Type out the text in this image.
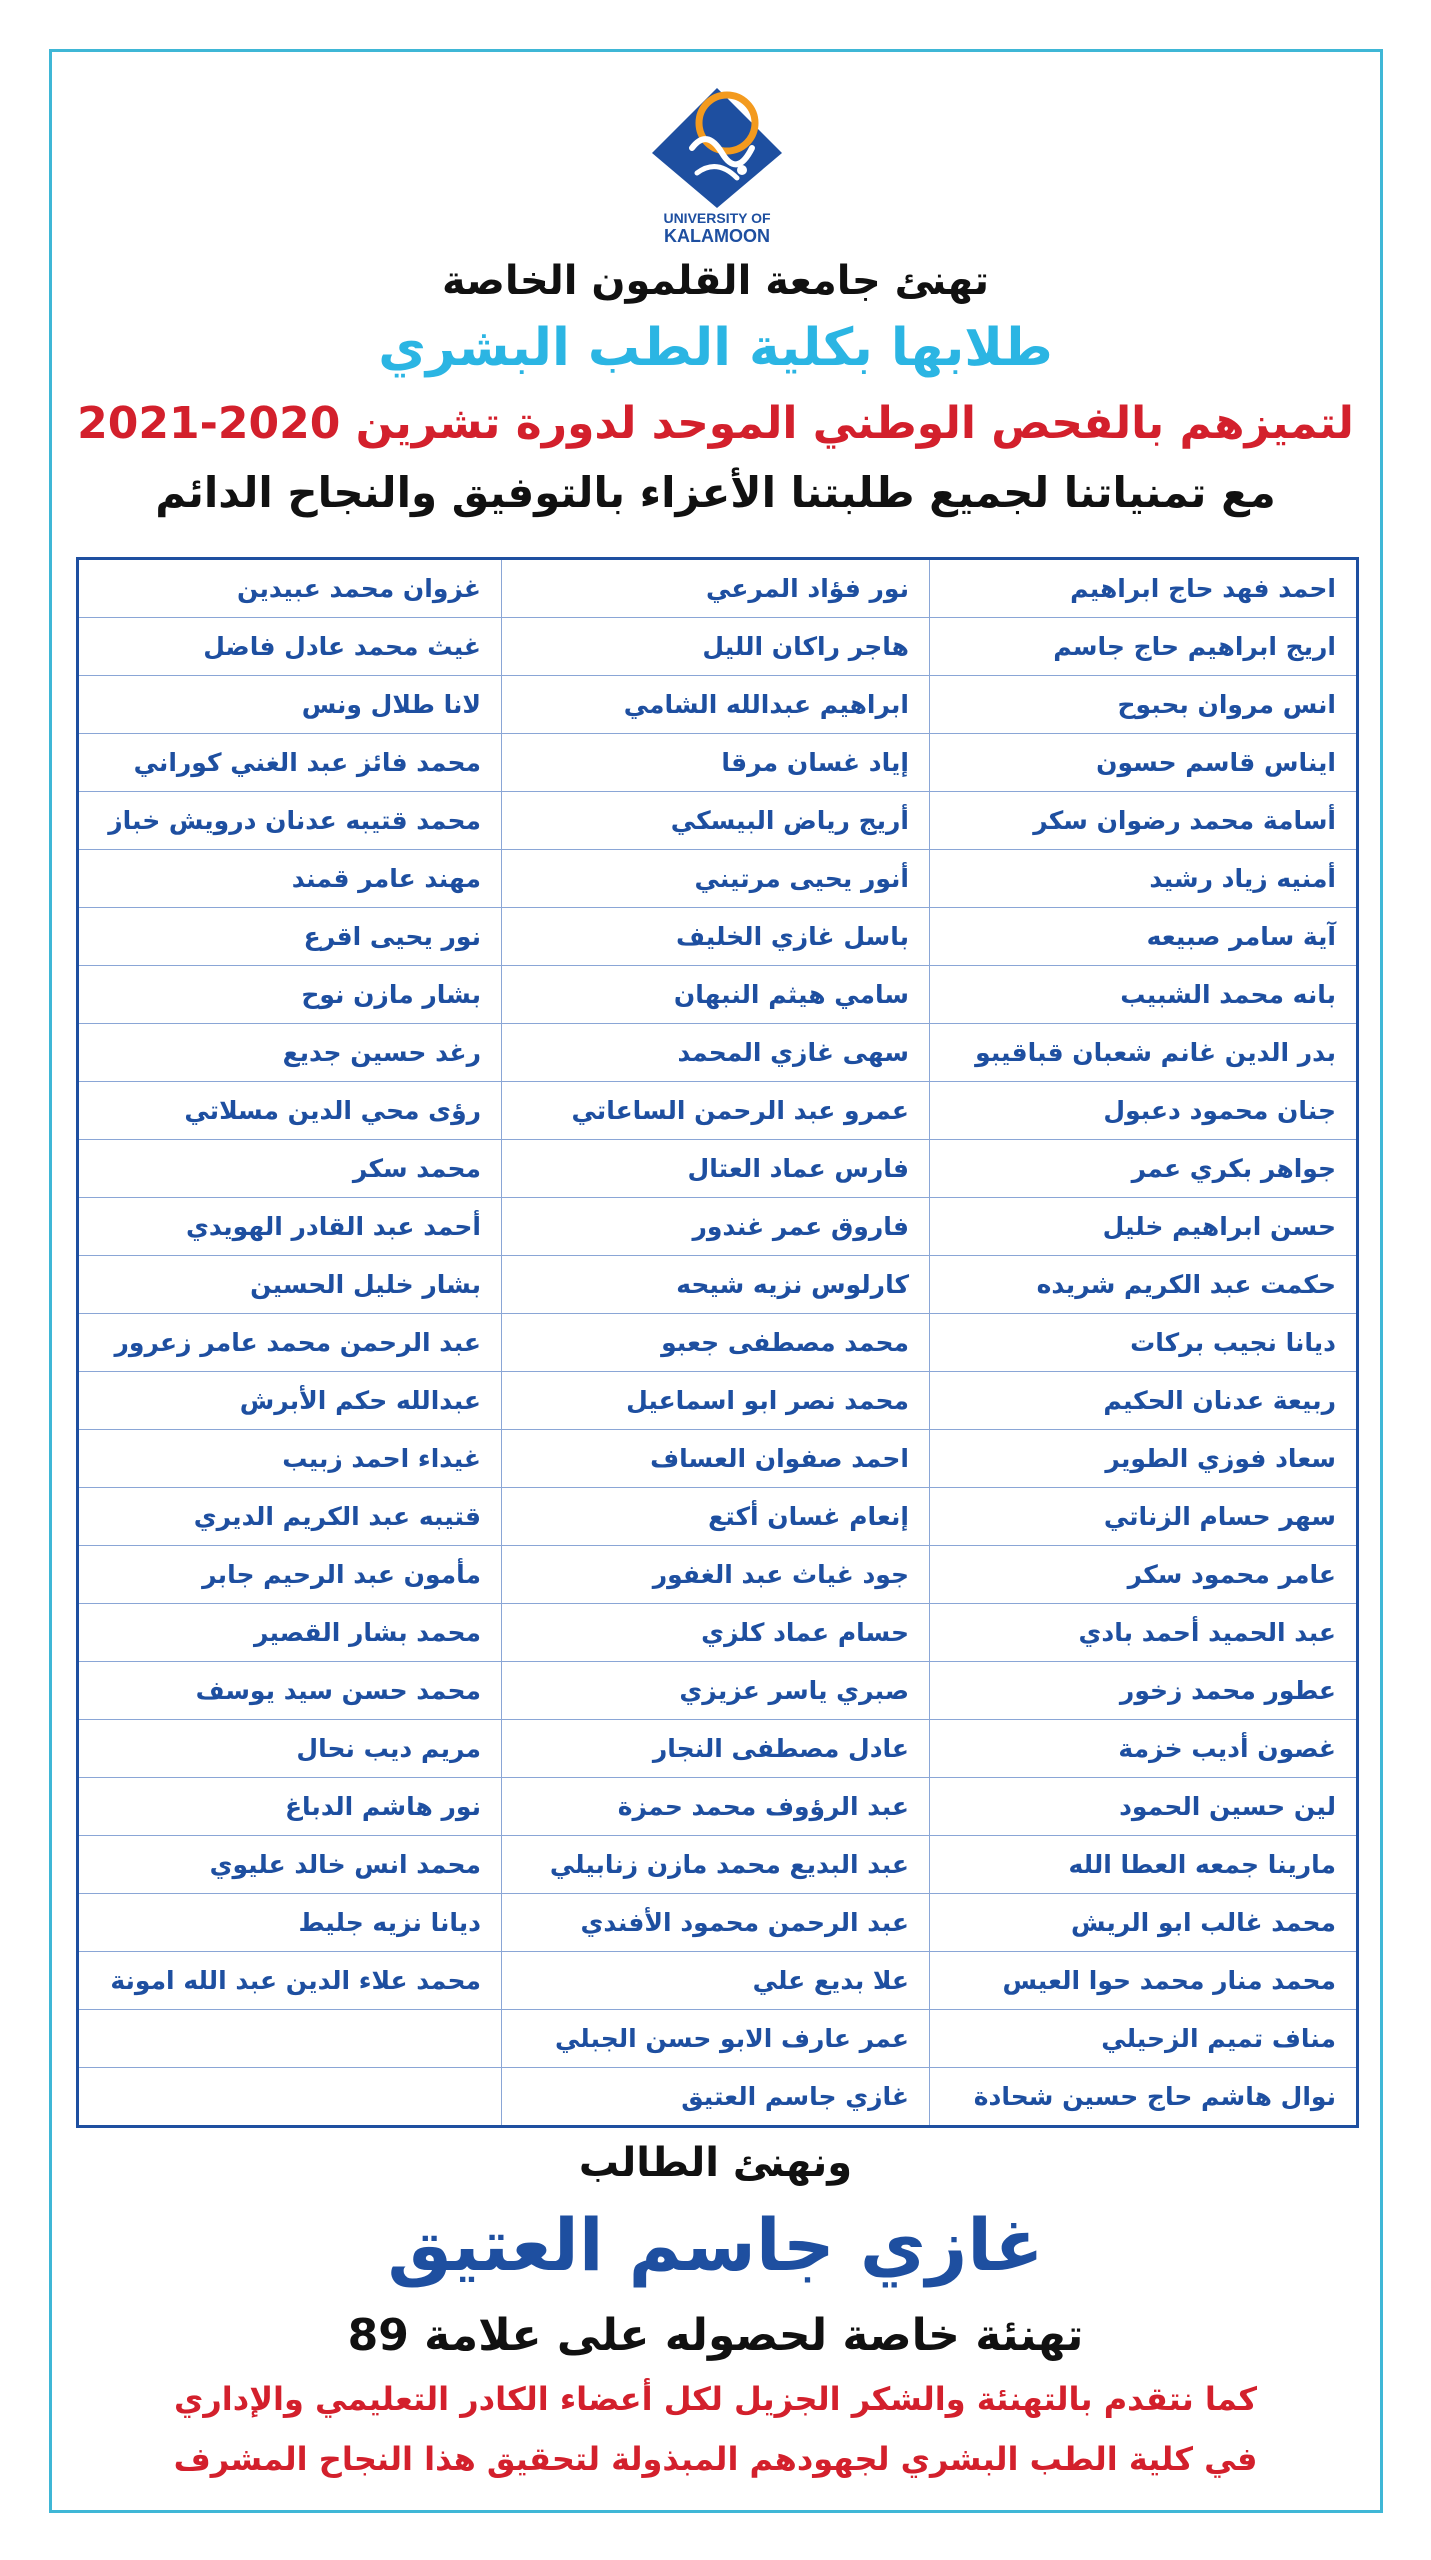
UNIVERSITY OF
KALAMOON
تهنئ جامعة القلمون الخاصة
طلابها بكلية الطب البشري
لتميزهم بالفحص الوطني الموحد لدورة تشرين 2020-2021
مع تمنياتنا لجميع طلبتنا الأعزاء بالتوفيق والنجاح الدائم
احمد فهد حاج ابراهيم	نور فؤاد المرعي	غزوان محمد عبيدين
اريج ابراهيم حاج جاسم	هاجر راكان الليل	غيث محمد عادل فاضل
انس مروان بحبوح	ابراهيم عبدالله الشامي	لانا طلال ونس
ايناس قاسم حسون	إياد غسان مرقا	محمد فائز عبد الغني كوراني
أسامة محمد رضوان سكر	أريج رياض البيسكي	محمد قتيبه عدنان درويش خباز
أمنيه زياد رشيد	أنور يحيى مرتيني	مهند عامر قمند
آية سامر صبيعه	باسل غازي الخليف	نور يحيى اقرع
بانه محمد الشبيب	سامي هيثم النبهان	بشار مازن نوح
بدر الدين غانم شعبان قباقيبو	سهى غازي المحمد	رغد حسين جديع
جنان محمود دعبول	عمرو عبد الرحمن الساعاتي	رؤى محي الدين مسلاتي
جواهر بكري عمر	فارس عماد العتال	محمد سكر
حسن ابراهيم خليل	فاروق عمر غندور	أحمد عبد القادر الهويدي
حكمت عبد الكريم شريده	كارلوس نزيه شيحه	بشار خليل الحسين
ديانا نجيب بركات	محمد مصطفى جعبو	عبد الرحمن محمد عامر زعرور
ربيعة عدنان الحكيم	محمد نصر ابو اسماعيل	عبدالله حكم الأبرش
سعاد فوزي الطوير	احمد صفوان العساف	غيداء احمد زبيب
سهر حسام الزناتي	إنعام غسان أكتع	قتيبه عبد الكريم الديري
عامر محمود سكر	جود غياث عبد الغفور	مأمون عبد الرحيم جابر
عبد الحميد أحمد بادي	حسام عماد كلزي	محمد بشار القصير
عطور محمد زخور	صبري ياسر عزيزي	محمد حسن سيد يوسف
غصون أديب خزمة	عادل مصطفى النجار	مريم ديب نحال
لين حسين الحمود	عبد الرؤوف محمد حمزة	نور هاشم الدباغ
مارينا جمعه العطا الله	عبد البديع محمد مازن زنابيلي	محمد انس خالد عليوي
محمد غالب ابو الريش	عبد الرحمن محمود الأفندي	ديانا نزيه جليط
محمد منار محمد حوا العيس	علا بديع علي	محمد علاء الدين عبد الله امونة
مناف تميم الزحيلي	عمر عارف الابو حسن الجبلي	
نوال هاشم حاج حسين شحادة	غازي جاسم العتيق	
ونهنئ الطالب
غازي جاسم العتيق
تهنئة خاصة لحصوله على علامة 89
كما نتقدم بالتهنئة والشكر الجزيل لكل أعضاء الكادر التعليمي والإداري
في كلية الطب البشري لجهودهم المبذولة لتحقيق هذا النجاح المشرف
